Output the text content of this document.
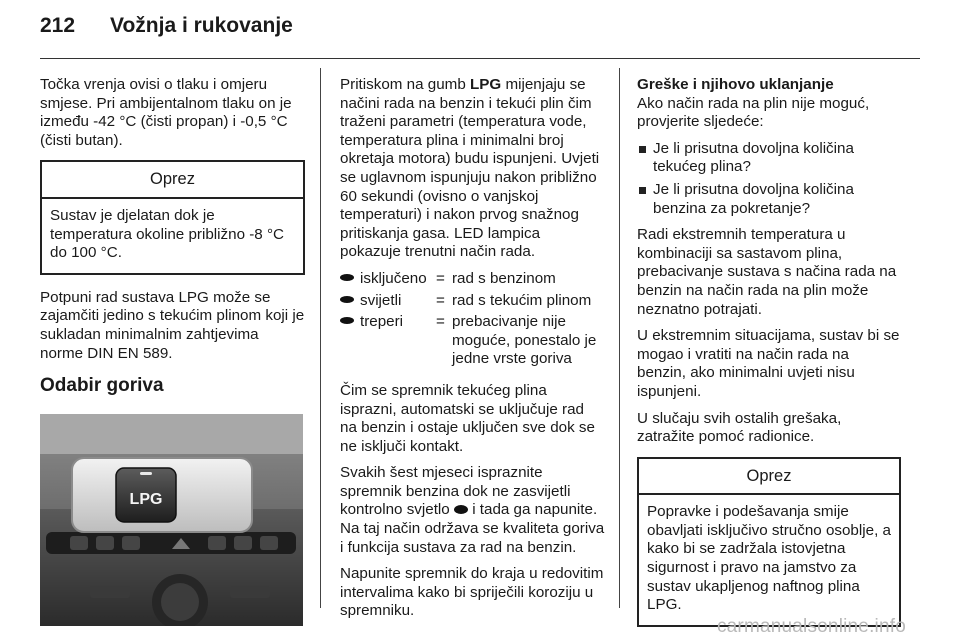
212 Vožnja i rukovanje

Točka vrenja ovisi o tlaku i omjeru smjese. Pri ambijentalnom tlaku on je između -42 °C (čisti propan) i -0,5 °C (čisti butan).

Oprez
Sustav je djelatan dok je temperatura okoline približno -8 °C do 100 °C.

Potpuni rad sustava LPG može se zajamčiti jedino s tekućim plinom koji je sukladan minimalnim zahtjevima norme DIN EN 589.

Odabir goriva
LPG

Pritiskom na gumb LPG mijenjaju se načini rada na benzin i tekući plin čim traženi parametri (temperatura vode, temperatura plina i minimalni broj okretaja motora) budu ispunjeni. Uvjeti se uglavnom ispunjuju nakon približno 60 sekundi (ovisno o vanjskoj temperaturi) i nakon prvog snažnog pritiskanja gasa. LED lampica pokazuje trenutni način rada.

isključeno	=	rad s benzinom
svijetli	=	rad s tekućim plinom
treperi	=	prebacivanje nije moguće, ponestalo je jedne vrste goriva

Čim se spremnik tekućeg plina isprazni, automatski se uključuje rad na benzin i ostaje uključen sve dok se ne isključi kontakt.

Svakih šest mjeseci ispraznite spremnik benzina dok ne zasvijetli kontrolno svjetlo  i tada ga napunite. Na taj način održava se kvaliteta goriva i funkcija sustava za rad na benzin.

Napunite spremnik do kraja u redovitim intervalima kako bi spriječili koroziju u spremniku.

Greške i njihovo uklanjanje

Ako način rada na plin nije moguć, provjerite sljedeće:

Je li prisutna dovoljna količina tekućeg plina?
Je li prisutna dovoljna količina benzina za pokretanje?

Radi ekstremnih temperatura u kombinaciji sa sastavom plina, prebacivanje sustava s načina rada na benzin na način rada na plin može neznatno potrajati.

U ekstremnim situacijama, sustav bi se mogao i vratiti na način rada na benzin, ako minimalni uvjeti nisu ispunjeni.

U slučaju svih ostalih grešaka, zatražite pomoć radionice.

Oprez
Popravke i podešavanja smije obavljati isključivo stručno osoblje, a kako bi se zadržala istovjetna sigurnost i pravo na jamstvo za sustav ukapljenog naftnog plina LPG.
carmanualsonline.info
